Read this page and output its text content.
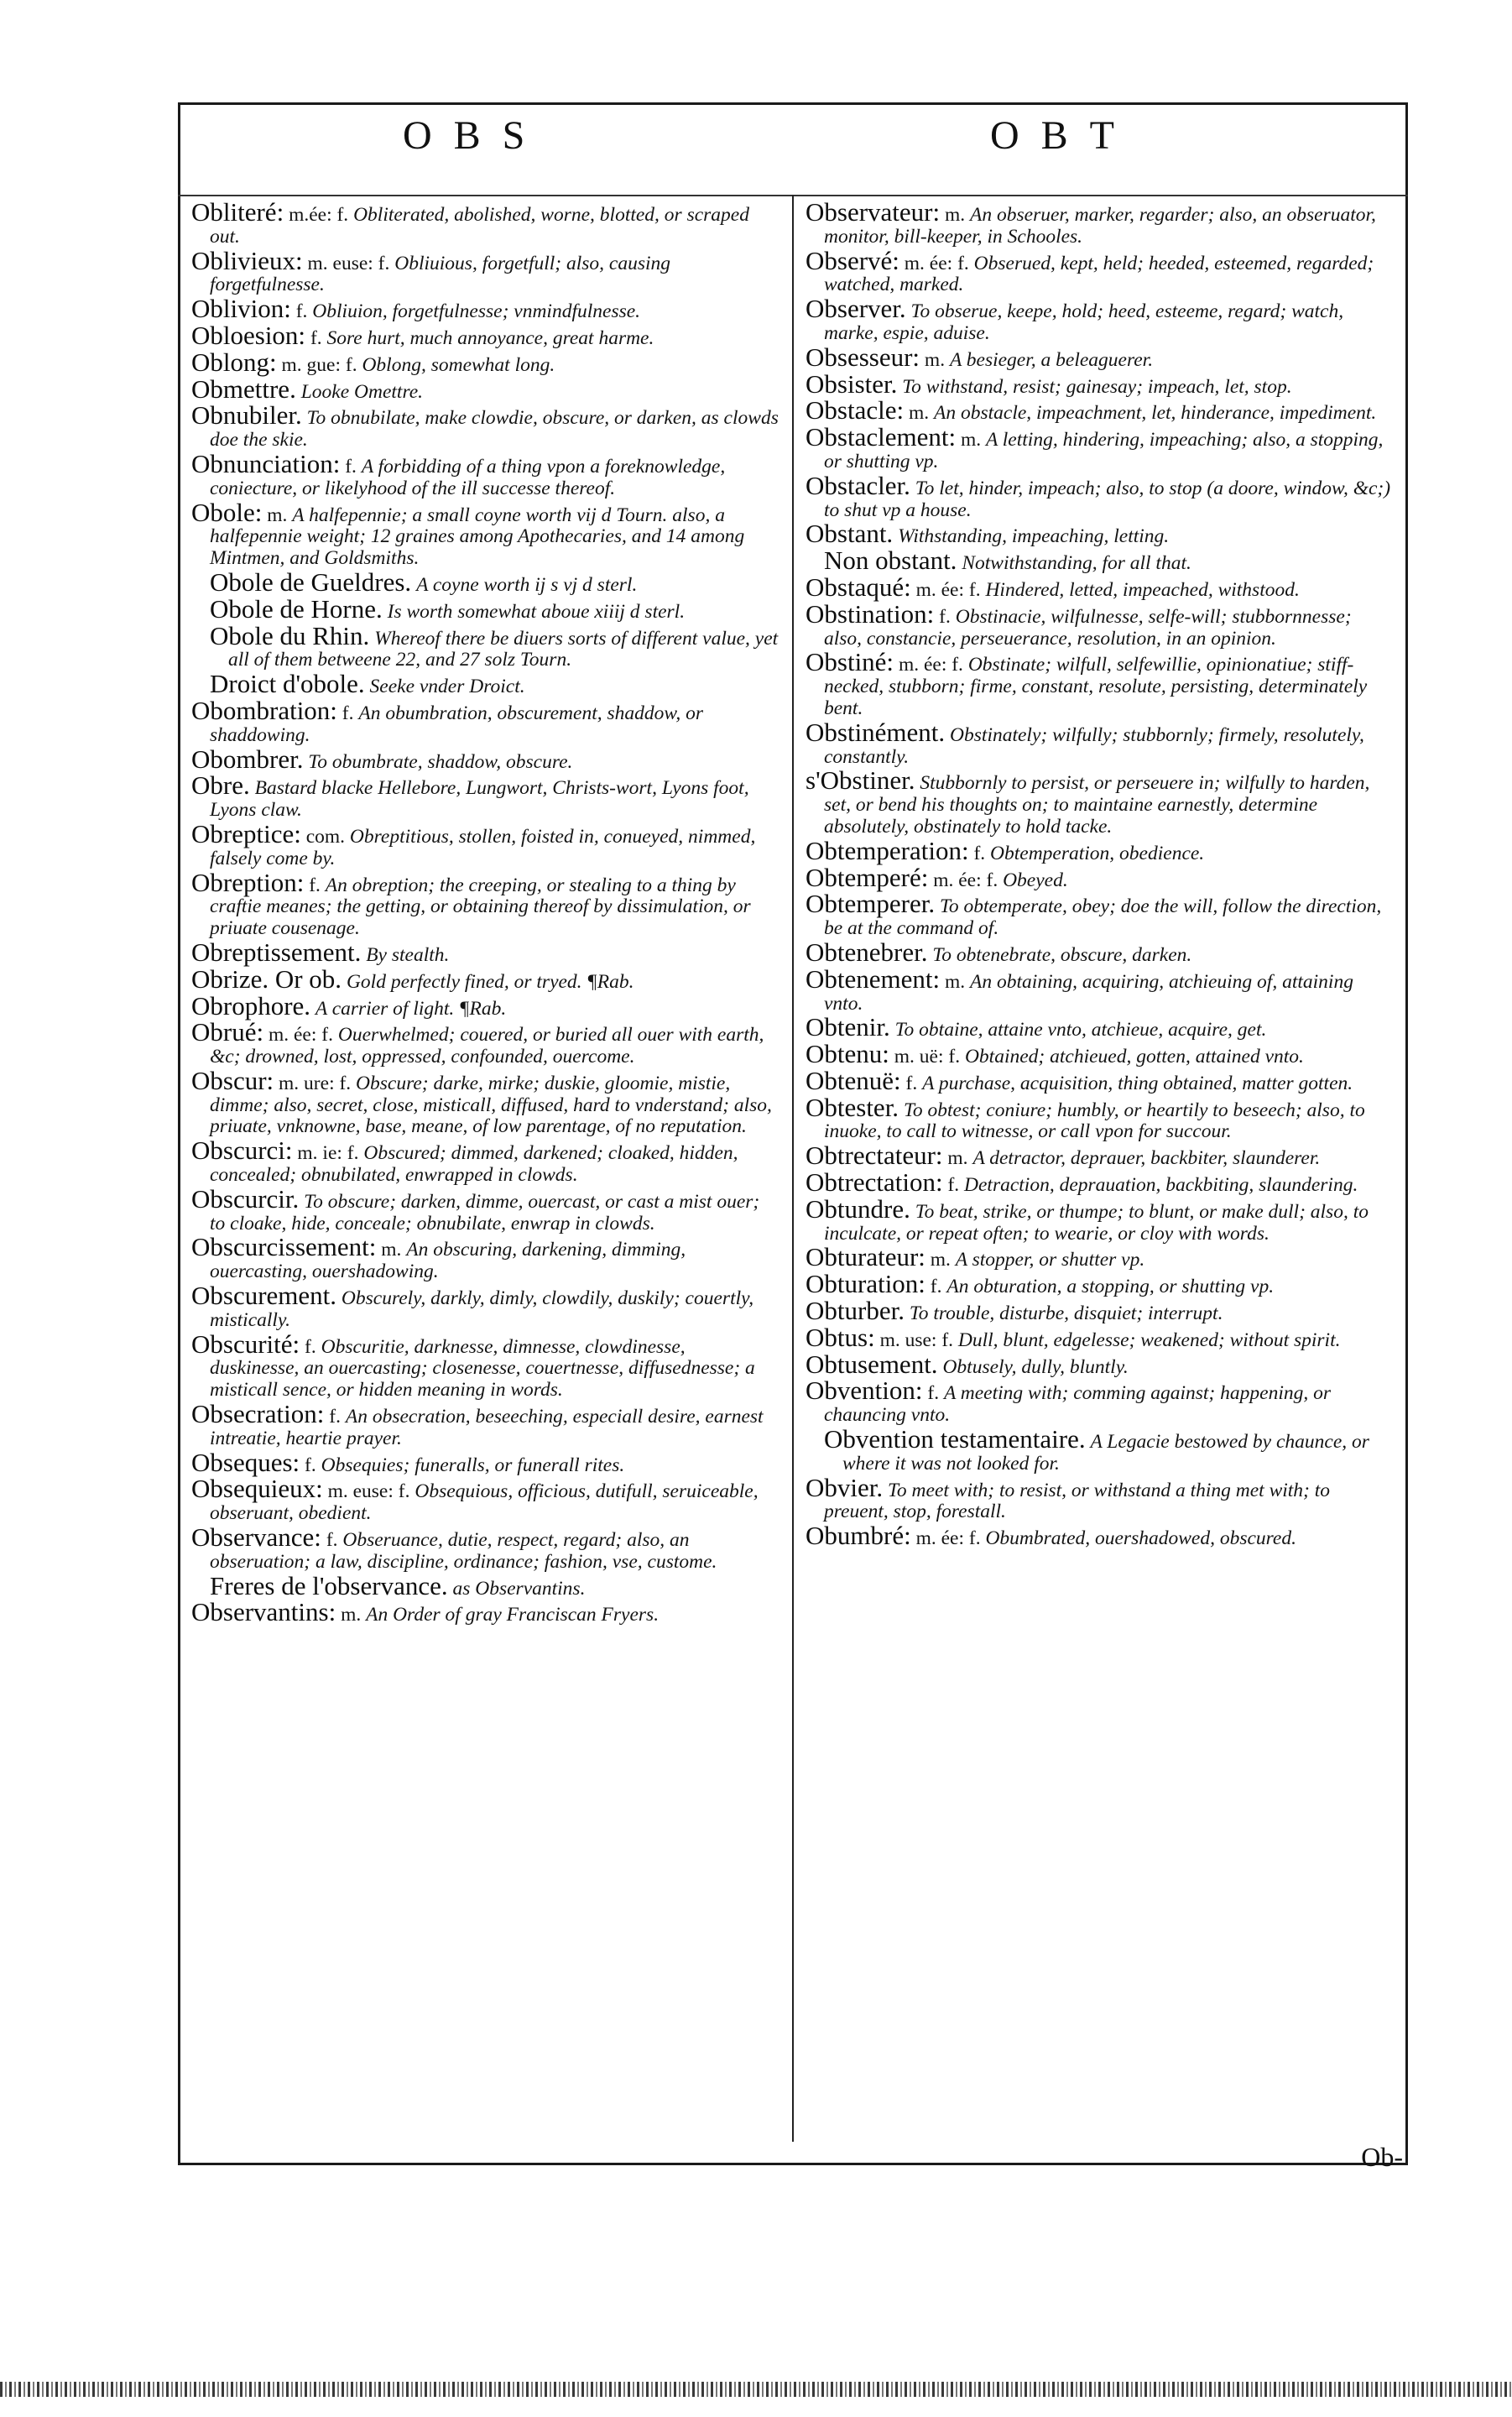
OBS	OBT
Obliteré: m.ée: f. Obliterated, abolished, worne, blotted, or scraped out.
Oblivieux: m. euse: f. Obliuious, forgetfull; also, causing forgetfulnesse.
Oblivion: f. Obliuion, forgetfulnesse; vnmindfulnesse.
Obloesion: f. Sore hurt, much annoyance, great harme.
Oblong: m. gue: f. Oblong, somewhat long.
Obmettre. Looke Omettre.
Obnubiler. To obnubilate, make clowdie, obscure, or darken, as clowds doe the skie.
Obnunciation: f. A forbidding of a thing vpon a foreknowledge, coniecture, or likelyhood of the ill successe thereof.
Obole: m. A halfepennie; a small coyne worth vij d Tourn. also, a halfepennie weight; 12 graines among Apothecaries, and 14 among Mintmen, and Goldsmiths.
Obole de Gueldres. A coyne worth ij s vj d sterl.
Obole de Horne. Is worth somewhat aboue xiiij d sterl.
Obole du Rhin. Whereof there be diuers sorts of different value, yet all of them betweene 22, and 27 solz Tourn.
Droict d'obole. Seeke vnder Droict.
Obombration: f. An obumbration, obscurement, shaddow, or shaddowing.
Obombrer. To obumbrate, shaddow, obscure.
Obre. Bastard blacke Hellebore, Lungwort, Christs-wort, Lyons foot, Lyons claw.
Obreptice: com. Obreptitious, stollen, foisted in, conueyed, nimmed, falsely come by.
Obreption: f. An obreption; the creeping, or stealing to a thing by craftie meanes; the getting, or obtaining thereof by dissimulation, or priuate cousenage.
Obreptissement. By stealth.
Obrize. Or ob. Gold perfectly fined, or tryed. ¶Rab.
Obrophore. A carrier of light. ¶Rab.
Obrué: m. ée: f. Ouerwhelmed; couered, or buried all ouer with earth, &c; drowned, lost, oppressed, confounded, ouercome.
Obscur: m. ure: f. Obscure; darke, mirke; duskie, gloomie, mistie, dimme; also, secret, close, misticall, diffused, hard to vnderstand; also, priuate, vnknowne, base, meane, of low parentage, of no reputation.
Obscurci: m. ie: f. Obscured; dimmed, darkened; cloaked, hidden, concealed; obnubilated, enwrapped in clowds.
Obscurcir. To obscure; darken, dimme, ouercast, or cast a mist ouer; to cloake, hide, conceale; obnubilate, enwrap in clowds.
Obscurcissement: m. An obscuring, darkening, dimming, ouercasting, ouershadowing.
Obscurement. Obscurely, darkly, dimly, clowdily, duskily; couertly, mistically.
Obscurité: f. Obscuritie, darknesse, dimnesse, clowdinesse, duskinesse, an ouercasting; closenesse, couertnesse, diffusednesse; a misticall sence, or hidden meaning in words.
Obsecration: f. An obsecration, beseeching, especiall desire, earnest intreatie, heartie prayer.
Obseques: f. Obsequies; funeralls, or funerall rites.
Obsequieux: m. euse: f. Obsequious, officious, dutifull, seruiceable, obseruant, obedient.
Observance: f. Obseruance, dutie, respect, regard; also, an obseruation; a law, discipline, ordinance; fashion, vse, custome.
Freres de l'observance. as Observantins.
Observantins: m. An Order of gray Franciscan Fryers.
Observateur: m. An obseruer, marker, regarder; also, an obseruator, monitor, bill-keeper, in Schooles.
Observé: m. ée: f. Obserued, kept, held; heeded, esteemed, regarded; watched, marked.
Observer. To obserue, keepe, hold; heed, esteeme, regard; watch, marke, espie, aduise.
Obsesseur: m. A besieger, a beleaguerer.
Obsister. To withstand, resist; gainesay; impeach, let, stop.
Obstacle: m. An obstacle, impeachment, let, hinderance, impediment.
Obstaclement: m. A letting, hindering, impeaching; also, a stopping, or shutting vp.
Obstacler. To let, hinder, impeach; also, to stop (a doore, window, &c;) to shut vp a house.
Obstant. Withstanding, impeaching, letting.
Non obstant. Notwithstanding, for all that.
Obstaqué: m. ée: f. Hindered, letted, impeached, withstood.
Obstination: f. Obstinacie, wilfulnesse, selfe-will; stubbornnesse; also, constancie, perseuerance, resolution, in an opinion.
Obstiné: m. ée: f. Obstinate; wilfull, selfewillie, opinionatiue; stiff-necked, stubborn; firme, constant, resolute, persisting, determinately bent.
Obstinément. Obstinately; wilfully; stubbornly; firmely, resolutely, constantly.
s'Obstiner. Stubbornly to persist, or perseuere in; wilfully to harden, set, or bend his thoughts on; to maintaine earnestly, determine absolutely, obstinately to hold tacke.
Obtemperation: f. Obtemperation, obedience.
Obtemperé: m. ée: f. Obeyed.
Obtemperer. To obtemperate, obey; doe the will, follow the direction, be at the command of.
Obtenebrer. To obtenebrate, obscure, darken.
Obtenement: m. An obtaining, acquiring, atchieuing of, attaining vnto.
Obtenir. To obtaine, attaine vnto, atchieue, acquire, get.
Obtenu: m. uë: f. Obtained; atchieued, gotten, attained vnto.
Obtenuë: f. A purchase, acquisition, thing obtained, matter gotten.
Obtester. To obtest; coniure; humbly, or heartily to beseech; also, to inuoke, to call to witnesse, or call vpon for succour.
Obtrectateur: m. A detractor, deprauer, backbiter, slaunderer.
Obtrectation: f. Detraction, deprauation, backbiting, slaundering.
Obtundre. To beat, strike, or thumpe; to blunt, or make dull; also, to inculcate, or repeat often; to wearie, or cloy with words.
Obturateur: m. A stopper, or shutter vp.
Obturation: f. An obturation, a stopping, or shutting vp.
Obturber. To trouble, disturbe, disquiet; interrupt.
Obtus: m. use: f. Dull, blunt, edgelesse; weakened; without spirit.
Obtusement. Obtusely, dully, bluntly.
Obvention: f. A meeting with; comming against; happening, or chauncing vnto.
Obvention testamentaire. A Legacie bestowed by chaunce, or where it was not looked for.
Obvier. To meet with; to resist, or withstand a thing met with; to preuent, stop, forestall.
Obumbré: m. ée: f. Obumbrated, ouershadowed, obscured.
Ob-
